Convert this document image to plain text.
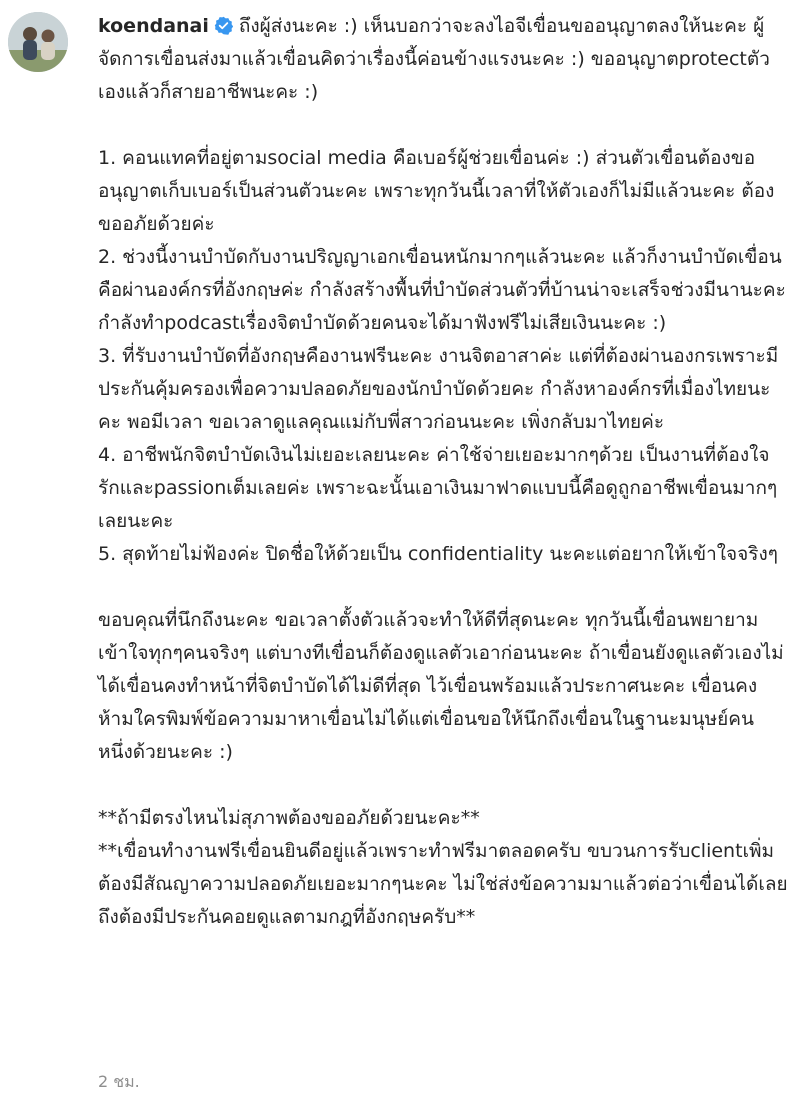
koendanai ถึงผู้ส่งนะคะ :) เห็นบอกว่าจะลงไอจีเขื่อนขออนุญาตลงให้นะคะ ผู้จัดการเขื่อนส่งมาแล้วเขื่อนคิดว่าเรื่องนี้ค่อนข้างแรงนะคะ :) ขออนุญาตprotectตัวเองแล้วก็สายอาชีพนะคะ :)

1. คอนแทคที่อยู่ตามsocial media คือเบอร์ผู้ช่วยเขื่อนค่ะ :) ส่วนตัวเขื่อนต้องขออนุญาตเก็บเบอร์เป็นส่วนตัวนะคะ เพราะทุกวันนี้เวลาที่ให้ตัวเองก็ไม่มีแล้วนะคะ ต้องขออภัยด้วยค่ะ

2. ช่วงนี้งานบำบัดกับงานปริญญาเอกเขื่อนหนักมากๆแล้วนะคะ แล้วก็งานบำบัดเขื่อนคือผ่านองค์กรที่อังกฤษค่ะ กำลังสร้างพื้นที่บำบัดส่วนตัวที่บ้านน่าจะเสร็จช่วงมีนานะคะ กำลังทำpodcastเรื่องจิตบำบัดด้วยคนจะได้มาฟังฟรีไม่เสียเงินนะคะ :)

3. ที่รับงานบำบัดที่อังกฤษคืองานฟรีนะคะ งานจิตอาสาค่ะ แต่ที่ต้องผ่านองกรเพราะมีประกันคุ้มครองเพื่อความปลอดภัยของนักบำบัดด้วยคะ กำลังหาองค์กรที่เมื่องไทยนะคะ พอมีเวลา ขอเวลาดูแลคุณแม่กับพี่สาวก่อนนะคะ เพิ่งกลับมาไทยค่ะ

4. อาชีพนักจิตบำบัดเงินไม่เยอะเลยนะคะ ค่าใช้จ่ายเยอะมากๆด้วย เป็นงานที่ต้องใจรักและpassionเต็มเลยค่ะ เพราะฉะนั้นเอาเงินมาฟาดแบบนี้คือดูถูกอาชีพเขื่อนมากๆเลยนะคะ

5. สุดท้ายไม่ฟ้องค่ะ ปิดชื่อให้ด้วยเป็น confidentiality นะคะแต่อยากให้เข้าใจจริงๆ

ขอบคุณที่นึกถึงนะคะ ขอเวลาตั้งตัวแล้วจะทำให้ดีที่สุดนะคะ ทุกวันนี้เขื่อนพยายามเข้าใจทุกๆคนจริงๆ แต่บางทีเขื่อนก็ต้องดูแลตัวเอาก่อนนะคะ ถ้าเขื่อนยังดูแลตัวเองไม่ได้เขื่อนคงทำหน้าที่จิตบำบัดได้ไม่ดีที่สุด ไว้เขื่อนพร้อมแล้วประกาศนะคะ เขื่อนคงห้ามใครพิมพ์ข้อความมาหาเขื่อนไม่ได้แต่เขื่อนขอให้นึกถึงเขื่อนในฐานะมนุษย์คนหนึ่งด้วยนะคะ :)

**ถ้ามีตรงไหนไม่สุภาพต้องขออภัยด้วยนะคะ**

**เขื่อนทำงานฟรีเขื่อนยินดีอยู่แล้วเพราะทำฟรีมาตลอดครับ ขบวนการรับclientเพิ่มต้องมีสัณญาความปลอดภัยเยอะมากๆนะคะ ไม่ใช่ส่งข้อความมาแล้วต่อว่าเขื่อนได้เลย ถึงต้องมีประกันคอยดูแลตามกฎที่อังกฤษครับ**

2 ชม.
